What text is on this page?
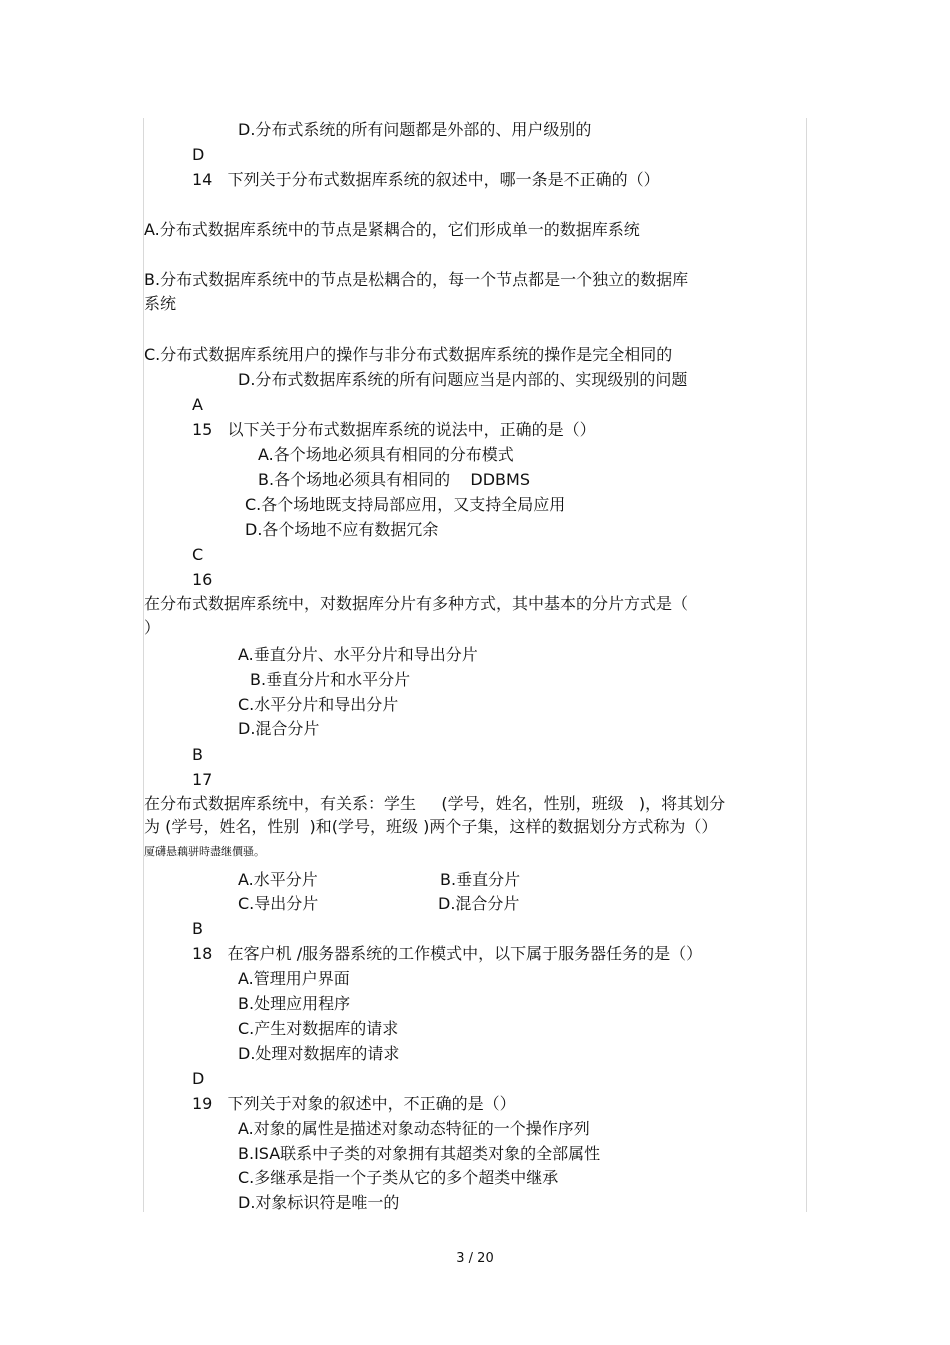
D.分布式系统的所有问题都是外部的、用户级别的
D
14   下列关于分布式数据库系统的叙述中，哪一条是不正确的（）
A.分布式数据库系统中的节点是紧耦合的，它们形成单一的数据库系统
B.分布式数据库系统中的节点是松耦合的，每一个节点都是一个独立的数据库
系统
C.分布式数据库系统用户的操作与非分布式数据库系统的操作是完全相同的
D.分布式数据库系统的所有问题应当是内部的、实现级别的问题
A
15   以下关于分布式数据库系统的说法中，正确的是（）
A.各个场地必须具有相同的分布模式
B.各个场地必须具有相同的    DDBMS
C.各个场地既支持局部应用，又支持全局应用
D.各个场地不应有数据冗余
C
16
在分布式数据库系统中，对数据库分片有多种方式，其中基本的分片方式是（
）
A.垂直分片、水平分片和导出分片
B.垂直分片和水平分片
C.水平分片和导出分片
D.混合分片
B
17
在分布式数据库系统中，有关系：学生     (学号，姓名，性别，班级   )，将其划分
为 (学号，姓名，性别  )和(学号，班级 )两个子集，这样的数据划分方式称为（）
厦礴悬藕骈時盡继價骚。
A.水平分片	B.垂直分片
C.导出分片	D.混合分片
B
18   在客户机 /服务器系统的工作模式中，以下属于服务器任务的是（）
A.管理用户界面
B.处理应用程序
C.产生对数据库的请求
D.处理对数据库的请求
D
19   下列关于对象的叙述中，不正确的是（）
A.对象的属性是描述对象动态特征的一个操作序列
B.ISA联系中子类的对象拥有其超类对象的全部属性
C.多继承是指一个子类从它的多个超类中继承
D.对象标识符是唯一的
3 / 20
